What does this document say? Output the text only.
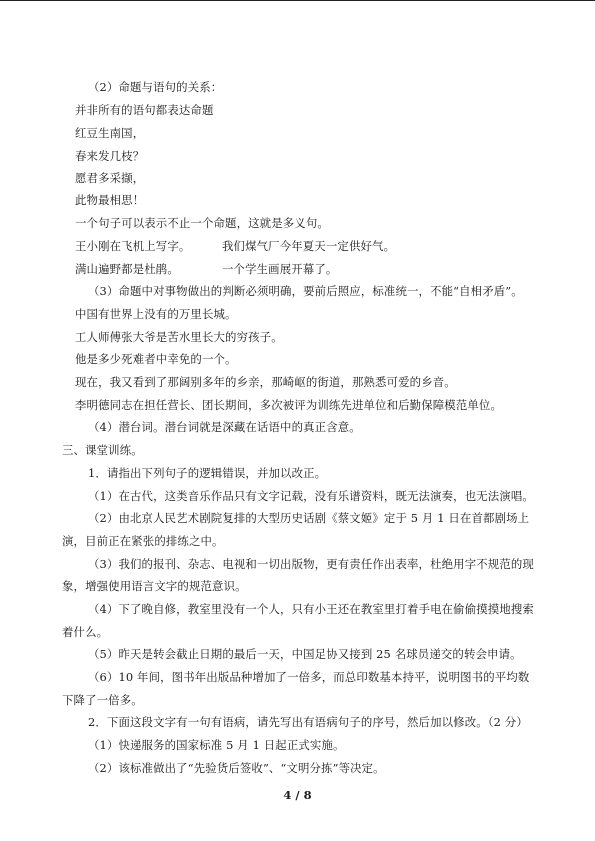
（2）命题与语句的关系：
并非所有的语句都表达命题
红豆生南国，
春来发几枝？
愿君多采撷，
此物最相思！
一个句子可以表示不止一个命题，这就是多义句。
王小刚在飞机上写字。	我们煤气厂今年夏天一定供好气。
满山遍野都是杜鹃。	一个学生画展开幕了。
（3）命题中对事物做出的判断必须明确，要前后照应，标准统一，不能“自相矛盾”。
中国有世界上没有的万里长城。
工人师傅张大爷是苦水里长大的穷孩子。
他是多少死难者中幸免的一个。
现在，我又看到了那阔别多年的乡亲，那崎岖的街道，那熟悉可爱的乡音。
李明德同志在担任营长、团长期间，多次被评为训练先进单位和后勤保障模范单位。
（4）潜台词。潜台词就是深藏在话语中的真正含意。
三、课堂训练。
1．请指出下列句子的逻辑错误，并加以改正。
（1）在古代，这类音乐作品只有文字记载，没有乐谱资料，既无法演奏，也无法演唱。
（2）由北京人民艺术剧院复排的大型历史话剧《蔡文姬》定于 5 月 1 日在首都剧场上
演，目前正在紧张的排练之中。
（3）我们的报刊、杂志、电视和一切出版物，更有责任作出表率，杜绝用字不规范的现
象，增强使用语言文字的规范意识。
（4）下了晚自修，教室里没有一个人，只有小王还在教室里打着手电在偷偷摸摸地搜索
着什么。
（5）昨天是转会截止日期的最后一天，中国足协又接到 25 名球员递交的转会申请。
（6）10 年间，图书年出版品种增加了一倍多，而总印数基本持平，说明图书的平均数
下降了一倍多。
2．下面这段文字有一句有语病，请先写出有语病句子的序号，然后加以修改。（2 分）
（1）快递服务的国家标准 5 月 1 日起正式实施。
（2）该标准做出了“先验货后签收”、“文明分拣”等决定。
4 / 8
